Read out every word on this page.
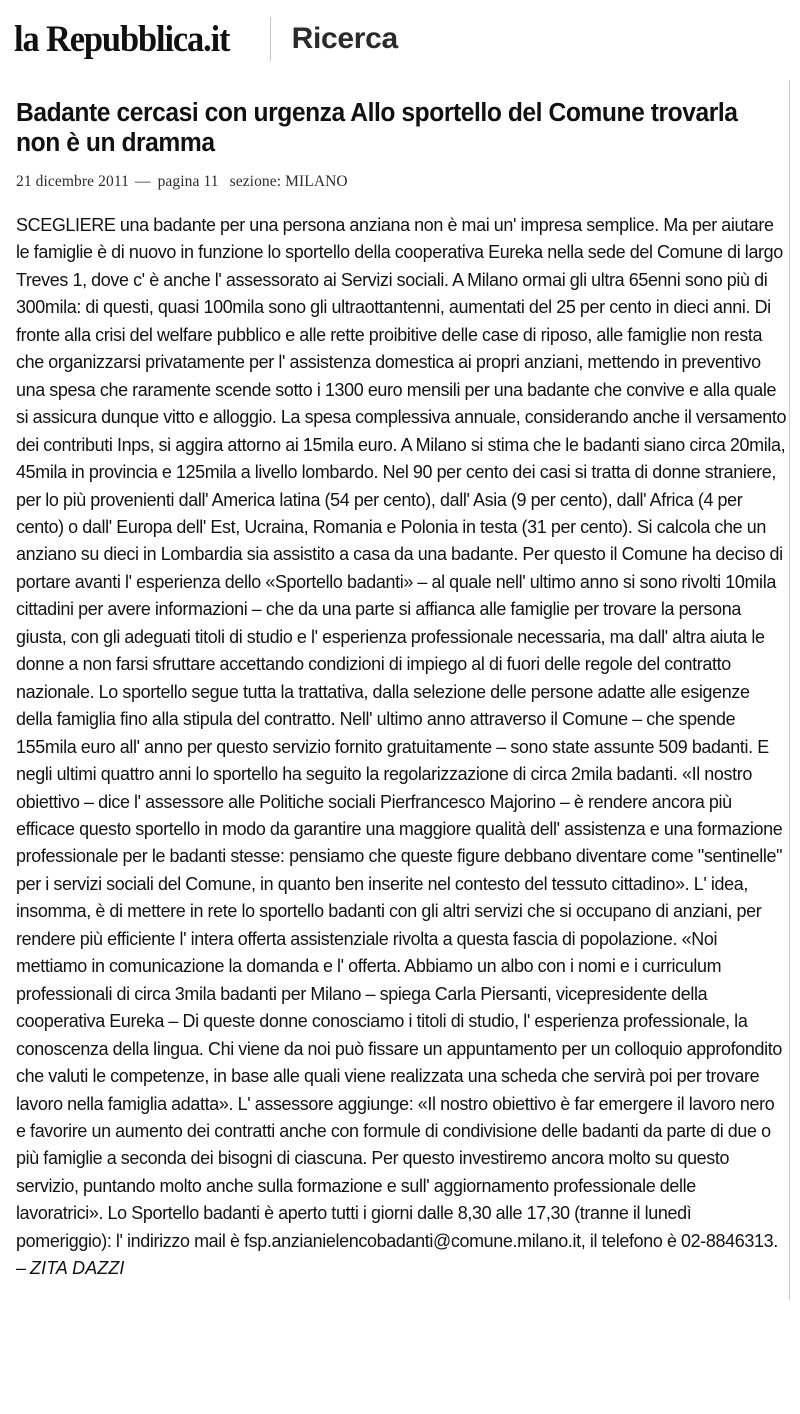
la Repubblica.it Ricerca
Badante cercasi con urgenza Allo sportello del Comune trovarla non è un dramma
21 dicembre 2011 — pagina 11 sezione: MILANO
SCEGLIERE una badante per una persona anziana non è mai un' impresa semplice. Ma per aiutare le famiglie è di nuovo in funzione lo sportello della cooperativa Eureka nella sede del Comune di largo Treves 1, dove c' è anche l' assessorato ai Servizi sociali. A Milano ormai gli ultra 65enni sono più di 300mila: di questi, quasi 100mila sono gli ultraottantenni, aumentati del 25 per cento in dieci anni. Di fronte alla crisi del welfare pubblico e alle rette proibitive delle case di riposo, alle famiglie non resta che organizzarsi privatamente per l' assistenza domestica ai propri anziani, mettendo in preventivo una spesa che raramente scende sotto i 1300 euro mensili per una badante che convive e alla quale si assicura dunque vitto e alloggio. La spesa complessiva annuale, considerando anche il versamento dei contributi Inps, si aggira attorno ai 15mila euro. A Milano si stima che le badanti siano circa 20mila, 45mila in provincia e 125mila a livello lombardo. Nel 90 per cento dei casi si tratta di donne straniere, per lo più provenienti dall' America latina (54 per cento), dall' Asia (9 per cento), dall' Africa (4 per cento) o dall' Europa dell' Est, Ucraina, Romania e Polonia in testa (31 per cento). Si calcola che un anziano su dieci in Lombardia sia assistito a casa da una badante. Per questo il Comune ha deciso di portare avanti l' esperienza dello «Sportello badanti» – al quale nell' ultimo anno si sono rivolti 10mila cittadini per avere informazioni – che da una parte si affianca alle famiglie per trovare la persona giusta, con gli adeguati titoli di studio e l' esperienza professionale necessaria, ma dall' altra aiuta le donne a non farsi sfruttare accettando condizioni di impiego al di fuori delle regole del contratto nazionale. Lo sportello segue tutta la trattativa, dalla selezione delle persone adatte alle esigenze della famiglia fino alla stipula del contratto. Nell' ultimo anno attraverso il Comune – che spende 155mila euro all' anno per questo servizio fornito gratuitamente – sono state assunte 509 badanti. E negli ultimi quattro anni lo sportello ha seguito la regolarizzazione di circa 2mila badanti. «Il nostro obiettivo – dice l' assessore alle Politiche sociali Pierfrancesco Majorino – è rendere ancora più efficace questo sportello in modo da garantire una maggiore qualità dell' assistenza e una formazione professionale per le badanti stesse: pensiamo che queste figure debbano diventare come "sentinelle" per i servizi sociali del Comune, in quanto ben inserite nel contesto del tessuto cittadino». L' idea, insomma, è di mettere in rete lo sportello badanti con gli altri servizi che si occupano di anziani, per rendere più efficiente l' intera offerta assistenziale rivolta a questa fascia di popolazione. «Noi mettiamo in comunicazione la domanda e l' offerta. Abbiamo un albo con i nomi e i curriculum professionali di circa 3mila badanti per Milano – spiega Carla Piersanti, vicepresidente della cooperativa Eureka – Di queste donne conosciamo i titoli di studio, l' esperienza professionale, la conoscenza della lingua. Chi viene da noi può fissare un appuntamento per un colloquio approfondito che valuti le competenze, in base alle quali viene realizzata una scheda che servirà poi per trovare lavoro nella famiglia adatta». L' assessore aggiunge: «Il nostro obiettivo è far emergere il lavoro nero e favorire un aumento dei contratti anche con formule di condivisione delle badanti da parte di due o più famiglie a seconda dei bisogni di ciascuna. Per questo investiremo ancora molto su questo servizio, puntando molto anche sulla formazione e sull' aggiornamento professionale delle lavoratrici». Lo Sportello badanti è aperto tutti i giorni dalle 8,30 alle 17,30 (tranne il lunedì pomeriggio): l' indirizzo mail è fsp.anzianielencobadanti@comune.milano.it, il telefono è 02-8846313. – ZITA DAZZI
